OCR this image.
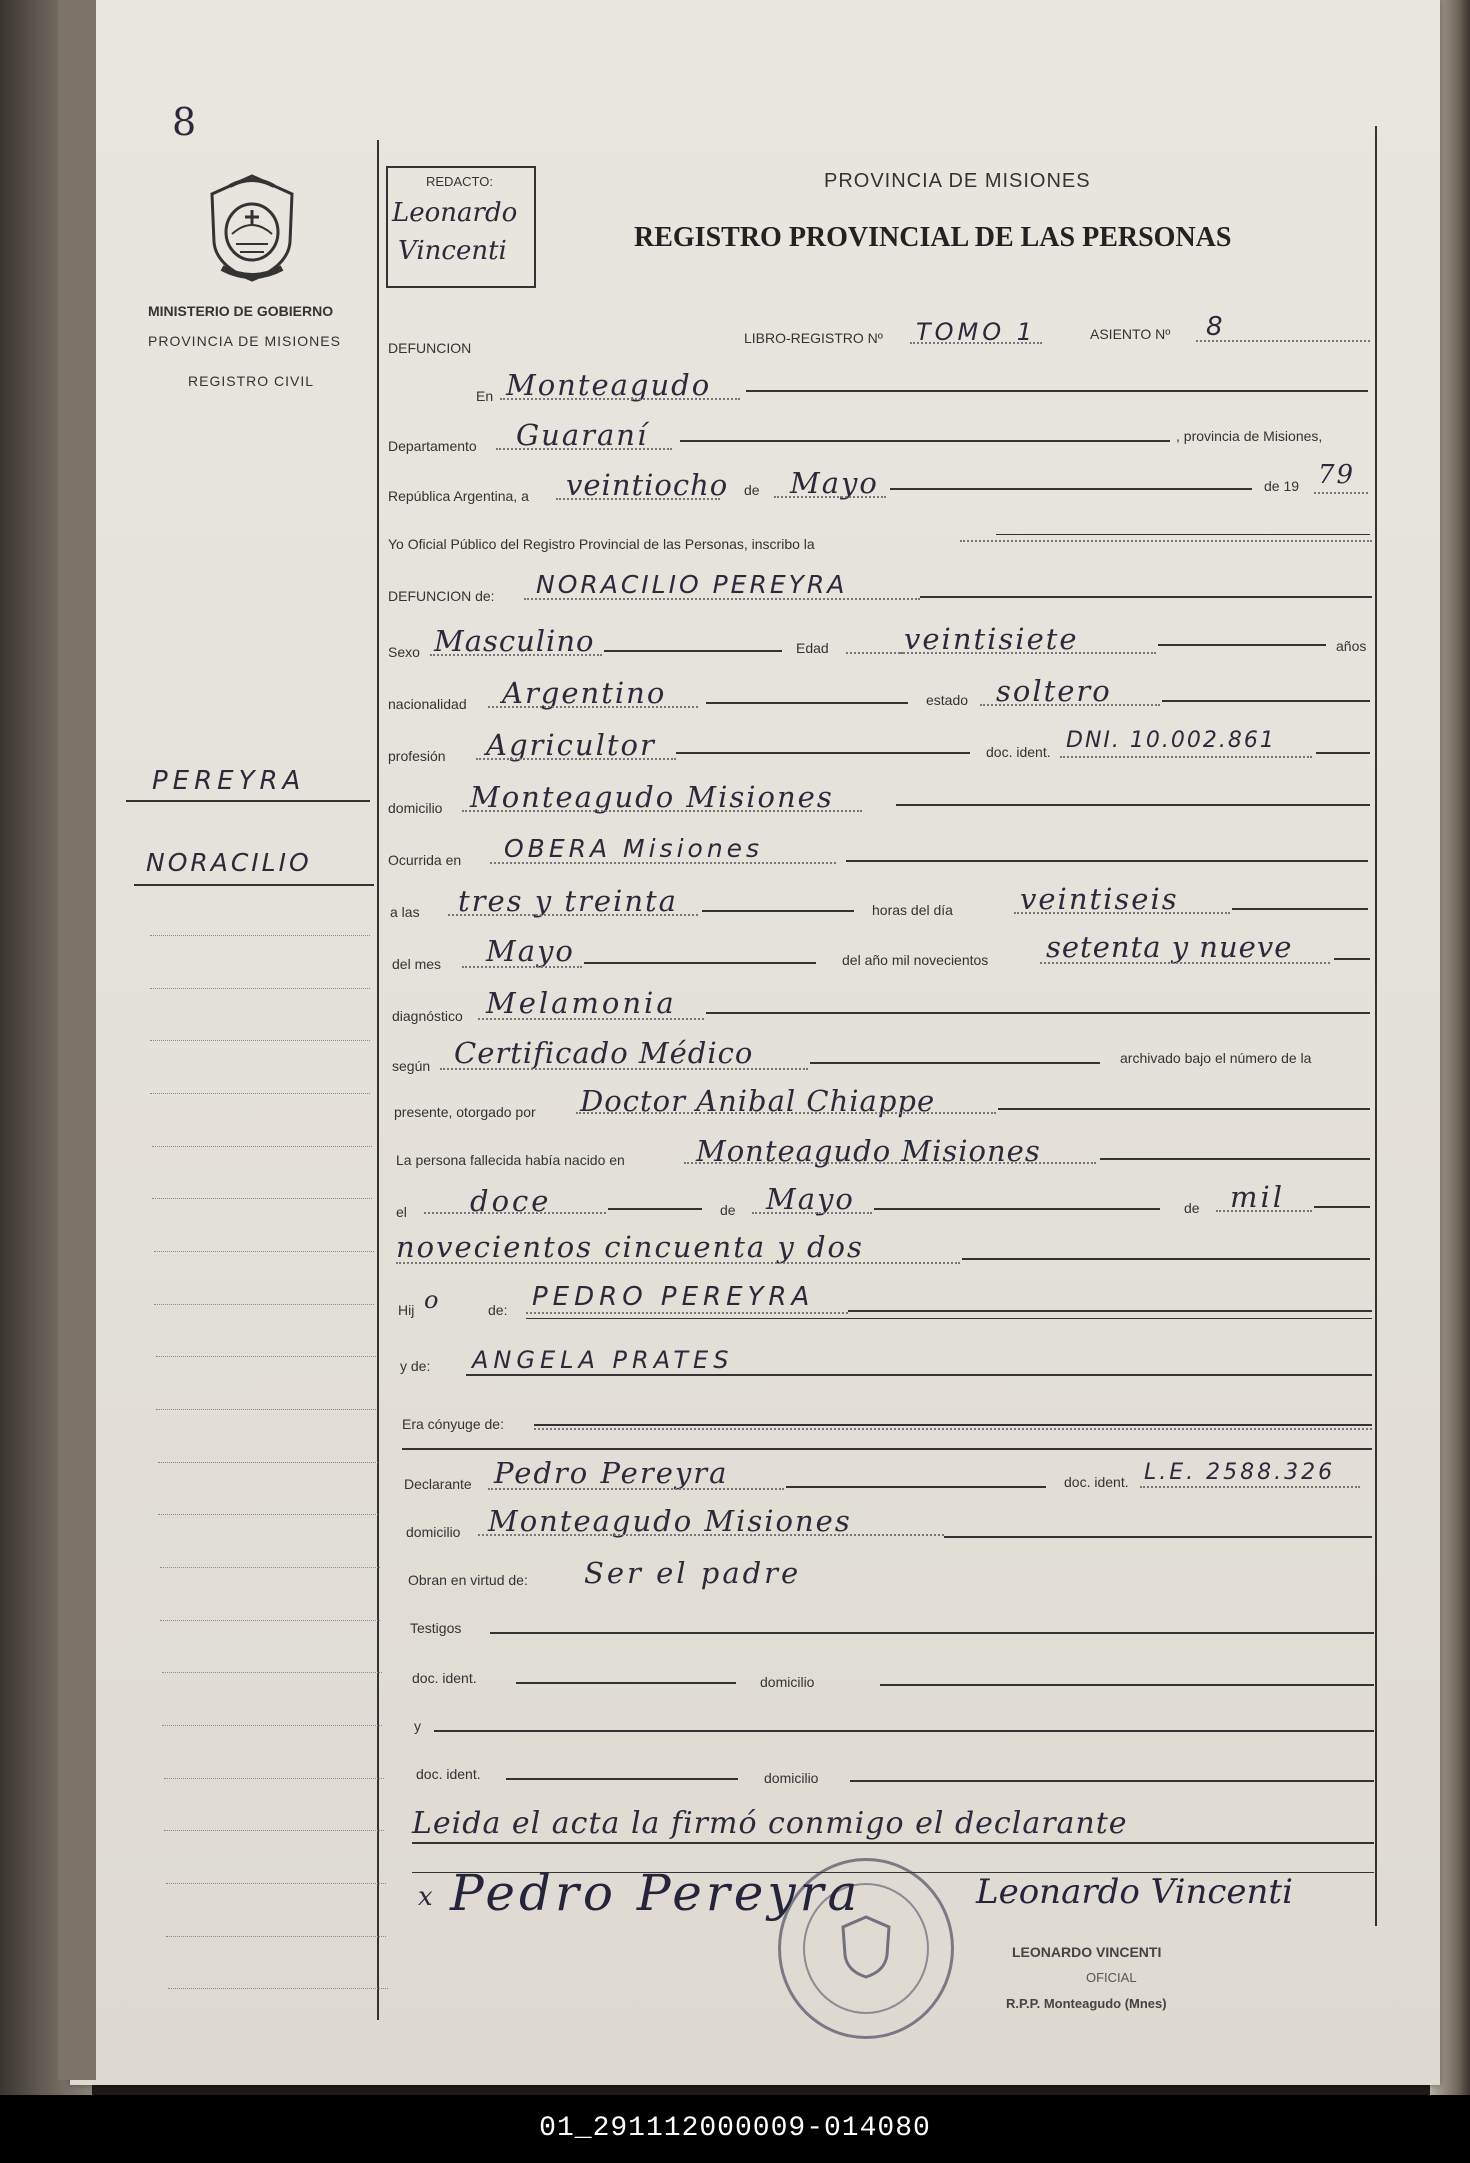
8
MINISTERIO DE GOBIERNO
PROVINCIA DE MISIONES
REGISTRO CIVIL
REDACTO:
Leonardo
Vincenti
PROVINCIA DE MISIONES
REGISTRO PROVINCIAL DE LAS PERSONAS
PEREYRA
NORACILIO
DEFUNCION
LIBRO-REGISTRO Nº TOMO 1	ASIENTO Nº 8
En Monteagudo
Departamento Guaraní	, provincia de Misiones,
República Argentina, a veintiocho de Mayo	de 19 79
Yo Oficial Público del Registro Provincial de las Personas, inscribo la
DEFUNCION de: NORACILIO PEREYRA
Sexo Masculino	Edad	veintisiete	años
nacionalidad Argentino	estado soltero
profesión Agricultor	doc. ident. DNI. 10.002.861
domicilio Monteagudo Misiones
Ocurrida en OBERA Misiones
a las tres y treinta	horas del día veintiseis
del mes Mayo	del año mil novecientos setenta y nueve
diagnóstico Melamonia
según Certificado Médico	archivado bajo el número de la
presente, otorgado por Doctor Anibal Chiappe
La persona fallecida había nacido en Monteagudo Misiones
el doce	de Mayo	de mil
novecientos cincuenta y dos
Hij o	de: PEDRO PEREYRA
y de: ANGELA PRATES
Era cónyuge de:
Declarante Pedro Pereyra	doc. ident. L.E. 2588.326
domicilio Monteagudo Misiones
Obran en virtud de: Ser el padre
Testigos
doc. ident.	domicilio
y
doc. ident.	domicilio
Leida el acta la firmó conmigo el declarante
x Pedro Pereyra	Leonardo Vincenti
LEONARDO VINCENTI
OFICIAL
R.P.P. Monteagudo (Mnes)
01_291112000009-014080
